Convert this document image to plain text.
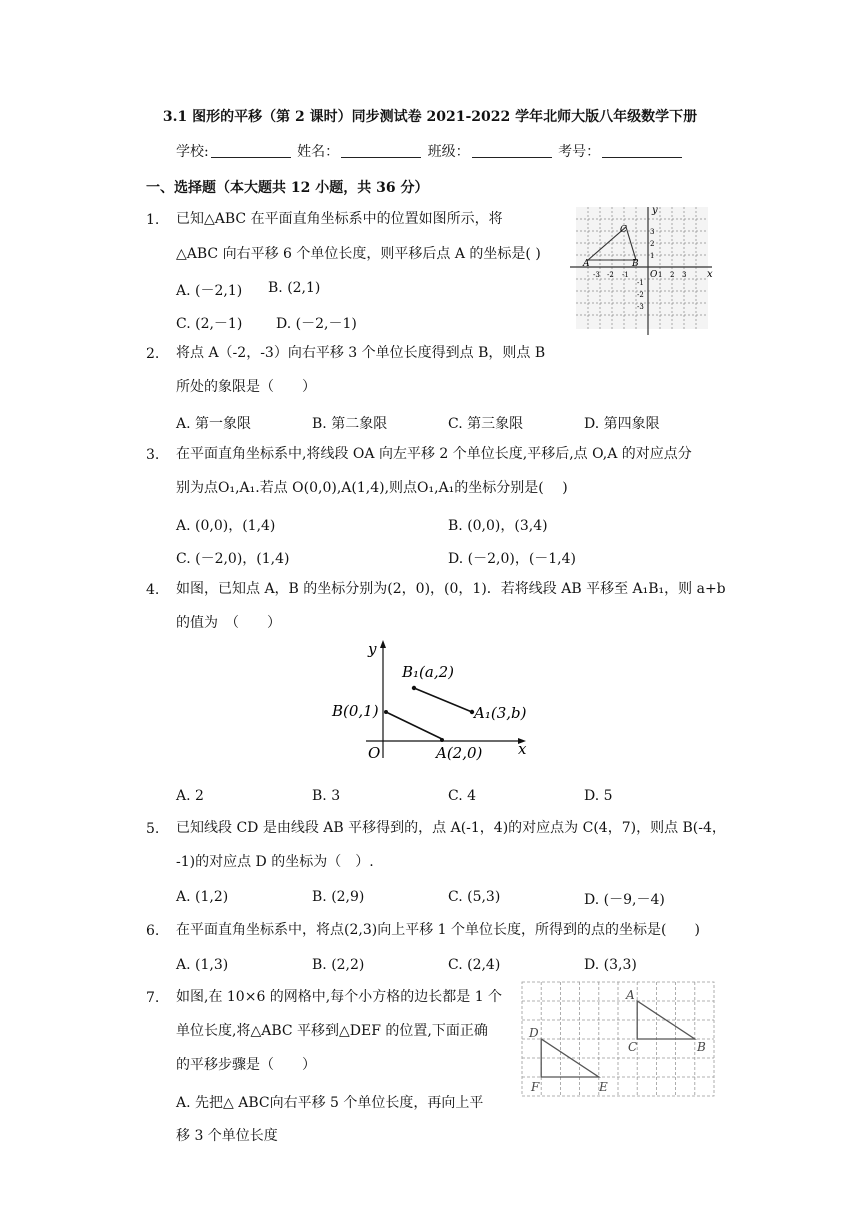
3.1 图形的平移（第 2 课时）同步测试卷 2021-2022 学年北师大版八年级数学下册
学校:	姓名：	班级：	考号：
一、选择题（本大题共 12 小题，共 36 分）
1. 已知△ABC 在平面直角坐标系中的位置如图所示，将
△ABC 向右平移 6 个单位长度，则平移后点 A 的坐标是( )
A. (－2,1) B. (2,1)
C. (2,－1) D. (－2,－1)
y
x
C
A	B
O
3
2
1
-3 -2 -1	1 2 3
-1
-2
-3
2. 将点 A（-2，-3）向右平移 3 个单位长度得到点 B，则点 B
所处的象限是（　　）
A. 第一象限	B. 第二象限	C. 第三象限	D. 第四象限
3. 在平面直角坐标系中,将线段 OA 向左平移 2 个单位长度,平移后,点 O,A 的对应点分
别为点O₁,A₁.若点 O(0,0),A(1,4),则点O₁,A₁的坐标分别是(　 )
A. (0,0)，(1,4)	B. (0,0)，(3,4)
C. (－2,0)，(1,4)	D. (－2,0)，(－1,4)
4. 如图，已知点 A，B 的坐标分别为(2，0)，(0，1)．若将线段 AB 平移至 A₁B₁，则 a+b
的值为　（　　）
y
x
O
B(0,1)
A(2,0)
B₁(a,2)
A₁(3,b)
A. 2	B. 3	C. 4	D. 5
5. 已知线段 CD 是由线段 AB 平移得到的，点 A(-1，4)的对应点为 C(4，7)，则点 B(-4，
-1)的对应点 D 的坐标为（　）.
A. (1,2)	B. (2,9)	C. (5,3)	D. (－9,－4)
6. 在平面直角坐标系中，将点(2,3)向上平移 1 个单位长度，所得到的点的坐标是(　　)
A. (1,3)	B. (2,2)	C. (2,4)	D. (3,3)
7. 如图,在 10×6 的网格中,每个小方格的边长都是 1 个
单位长度,将△ABC 平移到△DEF 的位置,下面正确
的平移步骤是（　　）
A. 先把△ ABC向右平移 5 个单位长度，再向上平
移 3 个单位长度
A
B
C
D
E
F
